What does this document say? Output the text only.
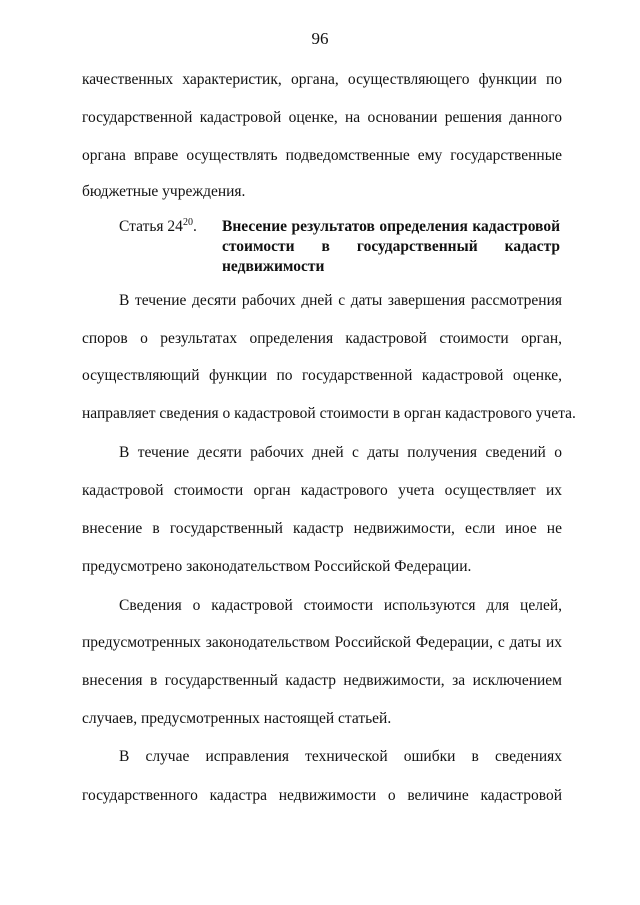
96
качественных характеристик, органа, осуществляющего функции по
государственной кадастровой оценке, на основании решения данного
органа вправе осуществлять подведомственные ему государственные
бюджетные учреждения.
Статья $24^{20}$. Внесение результатов определения кадастровой
стоимости в государственный кадастр
недвижимости
В течение десяти рабочих дней с даты завершения рассмотрения
споров о результатах определения кадастровой стоимости орган,
осуществляющий функции по государственной кадастровой оценке,
направляет сведения о кадастровой стоимости в орган кадастрового учета.
В течение десяти рабочих дней с даты получения сведений о
кадастровой стоимости орган кадастрового учета осуществляет их
внесение в государственный кадастр недвижимости, если иное не
предусмотрено законодательством Российской Федерации.
Сведения о кадастровой стоимости используются для целей,
предусмотренных законодательством Российской Федерации, с даты их
внесения в государственный кадастр недвижимости, за исключением
случаев, предусмотренных настоящей статьей.
В случае исправления технической ошибки в сведениях
государственного кадастра недвижимости о величине кадастровой
